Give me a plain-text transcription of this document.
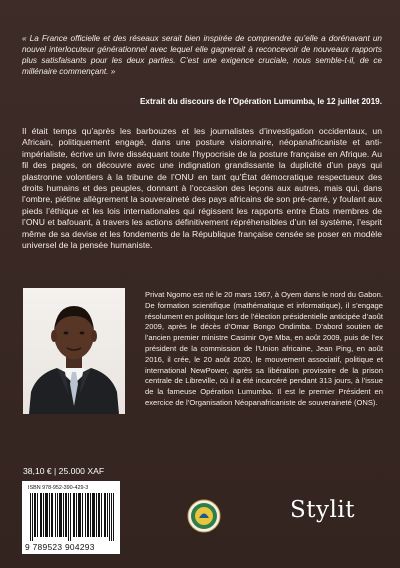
« La France officielle et des réseaux serait bien inspirée de comprendre qu’elle a dorénavant un nouvel interlocuteur générationnel avec lequel elle gagnerait à reconcevoir de nouveaux rapports plus satisfaisants pour les deux parties. C’est une exigence cruciale, nous semble-t-il, de ce millénaire commençant. »

Extrait du discours de l’Opération Lumumba, le 12 juillet 2019.

Il était temps qu’après les barbouzes et les journalistes d’investigation occidentaux, un Africain, politiquement engagé, dans une posture visionnaire, néopanafricaniste et anti-impérialiste, écrive un livre disséquant toute l’hypocrisie de la posture française en Afrique. Au fil des pages, on découvre avec une indignation grandissante la duplicité d’un pays qui plastronne volontiers à la tribune de l’ONU en tant qu’État démocratique respectueux des droits humains et des peuples, donnant à l’occasion des leçons aux autres, mais qui, dans l’ombre, piétine allègrement la souveraineté des pays africains de son pré-carré, y foulant aux pieds l’éthique et les lois internationales qui régissent les rapports entre États membres de l’ONU et bafouant, à travers les actions définitivement répréhensibles d’un tel système, l’esprit même de sa devise et les fondements de la République française censée se poser en modèle universel de la pensée humaniste.

Privat Ngomo est né le 20 mars 1967, à Oyem dans le nord du Gabon. De formation scientifique (mathématique et informatique), il s’engage résolument en politique lors de l’élection présidentielle anticipée d’août 2009, après le décès d’Omar Bongo Ondimba. D’abord soutien de l’ancien premier ministre Casimir Oye Mba, en août 2009, puis de l’ex président de la commission de l’Union africaine, Jean Ping, en août 2016, il crée, le 20 août 2020, le mouvement associatif, politique et international NewPower, après sa libération provisoire de la prison centrale de Libreville, où il a été incarcéré pendant 313 jours, à l’issue de la fameuse Opération Lumumba. Il est le premier Président en exercice de l’Organisation Néopanafricaniste de souveraineté (ONS).

38,10 € | 25.000 XAF
ISBN 978-952-390-429-3
9 789523 904293
Stylit
